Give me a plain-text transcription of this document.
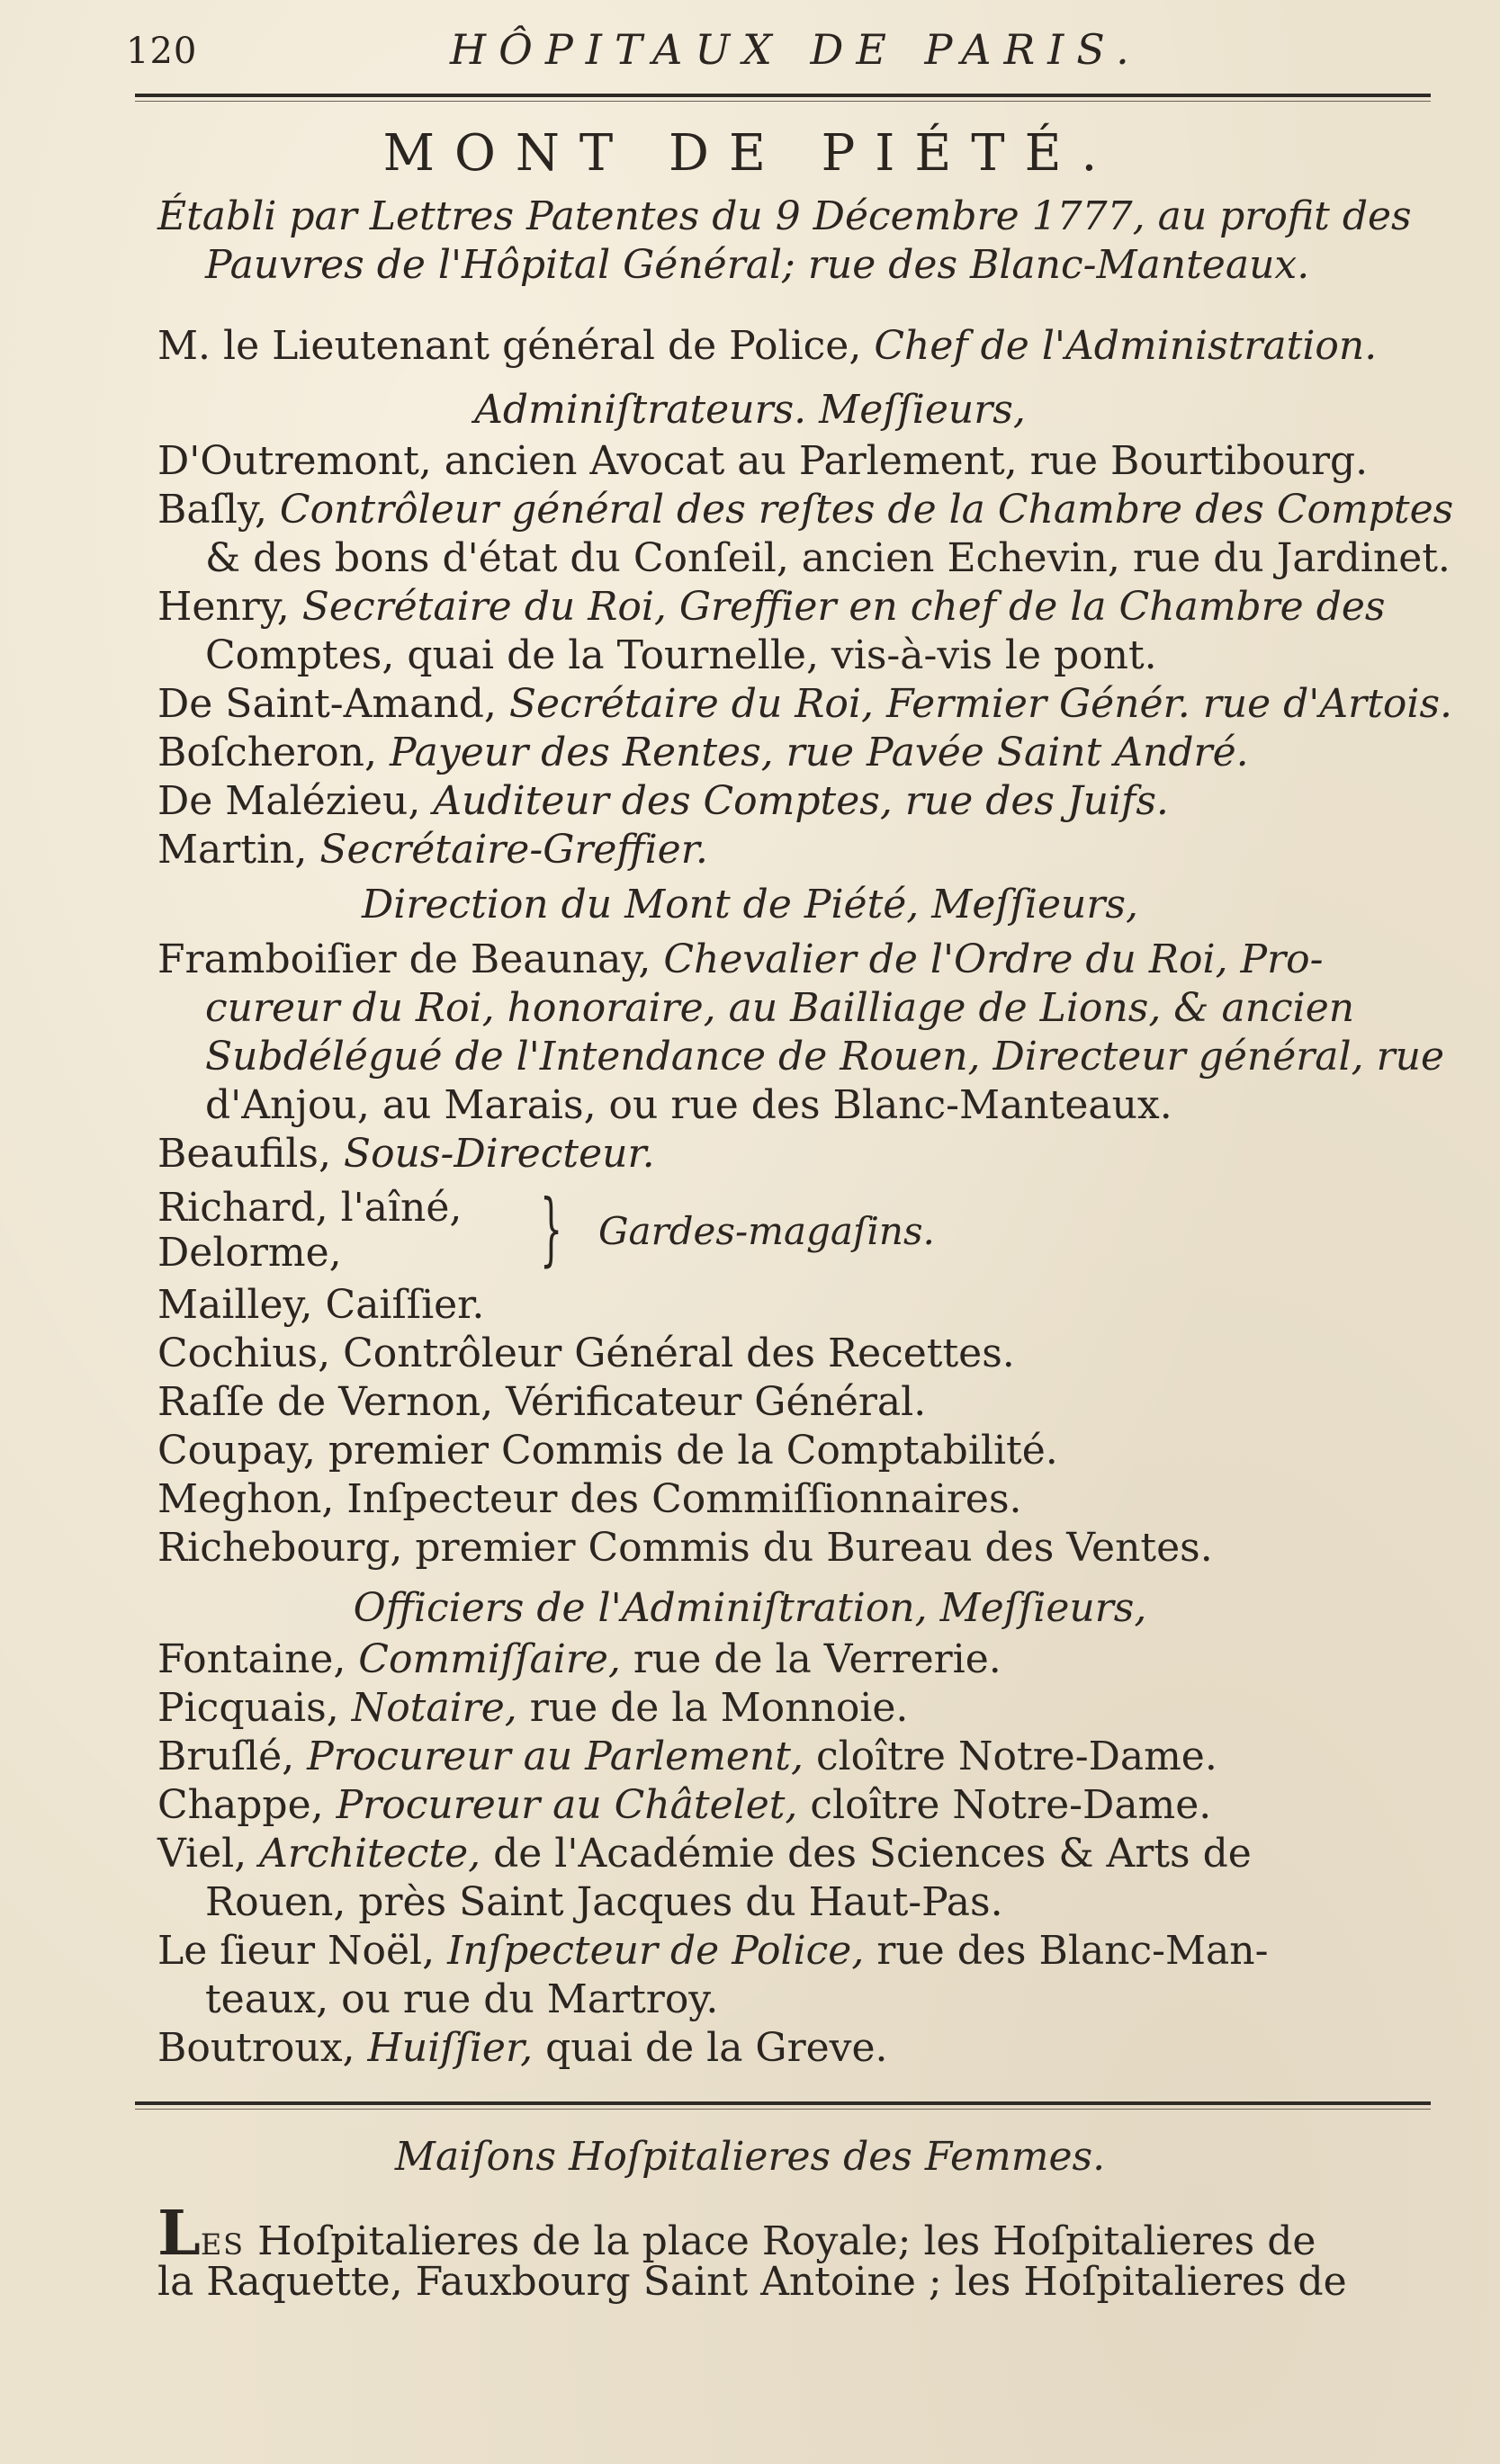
120	HÔPITAUX DE PARIS.
MONT DE PIÉTÉ.
Établi par Lettres Patentes du 9 Décembre 1777, au profit des
Pauvres de l'Hôpital Général; rue des Blanc-Manteaux.
M. le Lieutenant général de Police, Chef de l'Administration.
Adminiſtrateurs. Meſſieurs,
D'Outremont, ancien Avocat au Parlement, rue Bourtibourg.
Baſly, Contrôleur général des reſtes de la Chambre des Comptes
& des bons d'état du Conſeil, ancien Echevin, rue du Jardinet.
Henry, Secrétaire du Roi, Greffier en chef de la Chambre des
Comptes, quai de la Tournelle, vis-à-vis le pont.
De Saint-Amand, Secrétaire du Roi, Fermier Génér. rue d'Artois.
Boſcheron, Payeur des Rentes, rue Pavée Saint André.
De Malézieu, Auditeur des Comptes, rue des Juifs.
Martin, Secrétaire-Greffier.
Direction du Mont de Piété, Meſſieurs,
Framboiſier de Beaunay, Chevalier de l'Ordre du Roi, Pro-
cureur du Roi, honoraire, au Bailliage de Lions, & ancien
Subdélégué de l'Intendance de Rouen, Directeur général, rue
d'Anjou, au Marais, ou rue des Blanc-Manteaux.
Beaufils, Sous-Directeur.
Richard, l'aîné,
Delorme,	} Gardes-magaſins.
Mailley, Caiſſier.
Cochius, Contrôleur Général des Recettes.
Raſſe de Vernon, Vérificateur Général.
Coupay, premier Commis de la Comptabilité.
Meghon, Inſpecteur des Commiſſionnaires.
Richebourg, premier Commis du Bureau des Ventes.
Officiers de l'Adminiſtration, Meſſieurs,
Fontaine, Commiſſaire, rue de la Verrerie.
Picquais, Notaire, rue de la Monnoie.
Bruſlé, Procureur au Parlement, cloître Notre-Dame.
Chappe, Procureur au Châtelet, cloître Notre-Dame.
Viel, Architecte, de l'Académie des Sciences & Arts de
Rouen, près Saint Jacques du Haut-Pas.
Le ſieur Noël, Inſpecteur de Police, rue des Blanc-Man-
teaux, ou rue du Martroy.
Boutroux, Huiſſier, quai de la Greve.
Maiſons Hoſpitalieres des Femmes.
LES Hoſpitalieres de la place Royale; les Hoſpitalieres de
la Raquette, Fauxbourg Saint Antoine ; les Hoſpitalieres de
